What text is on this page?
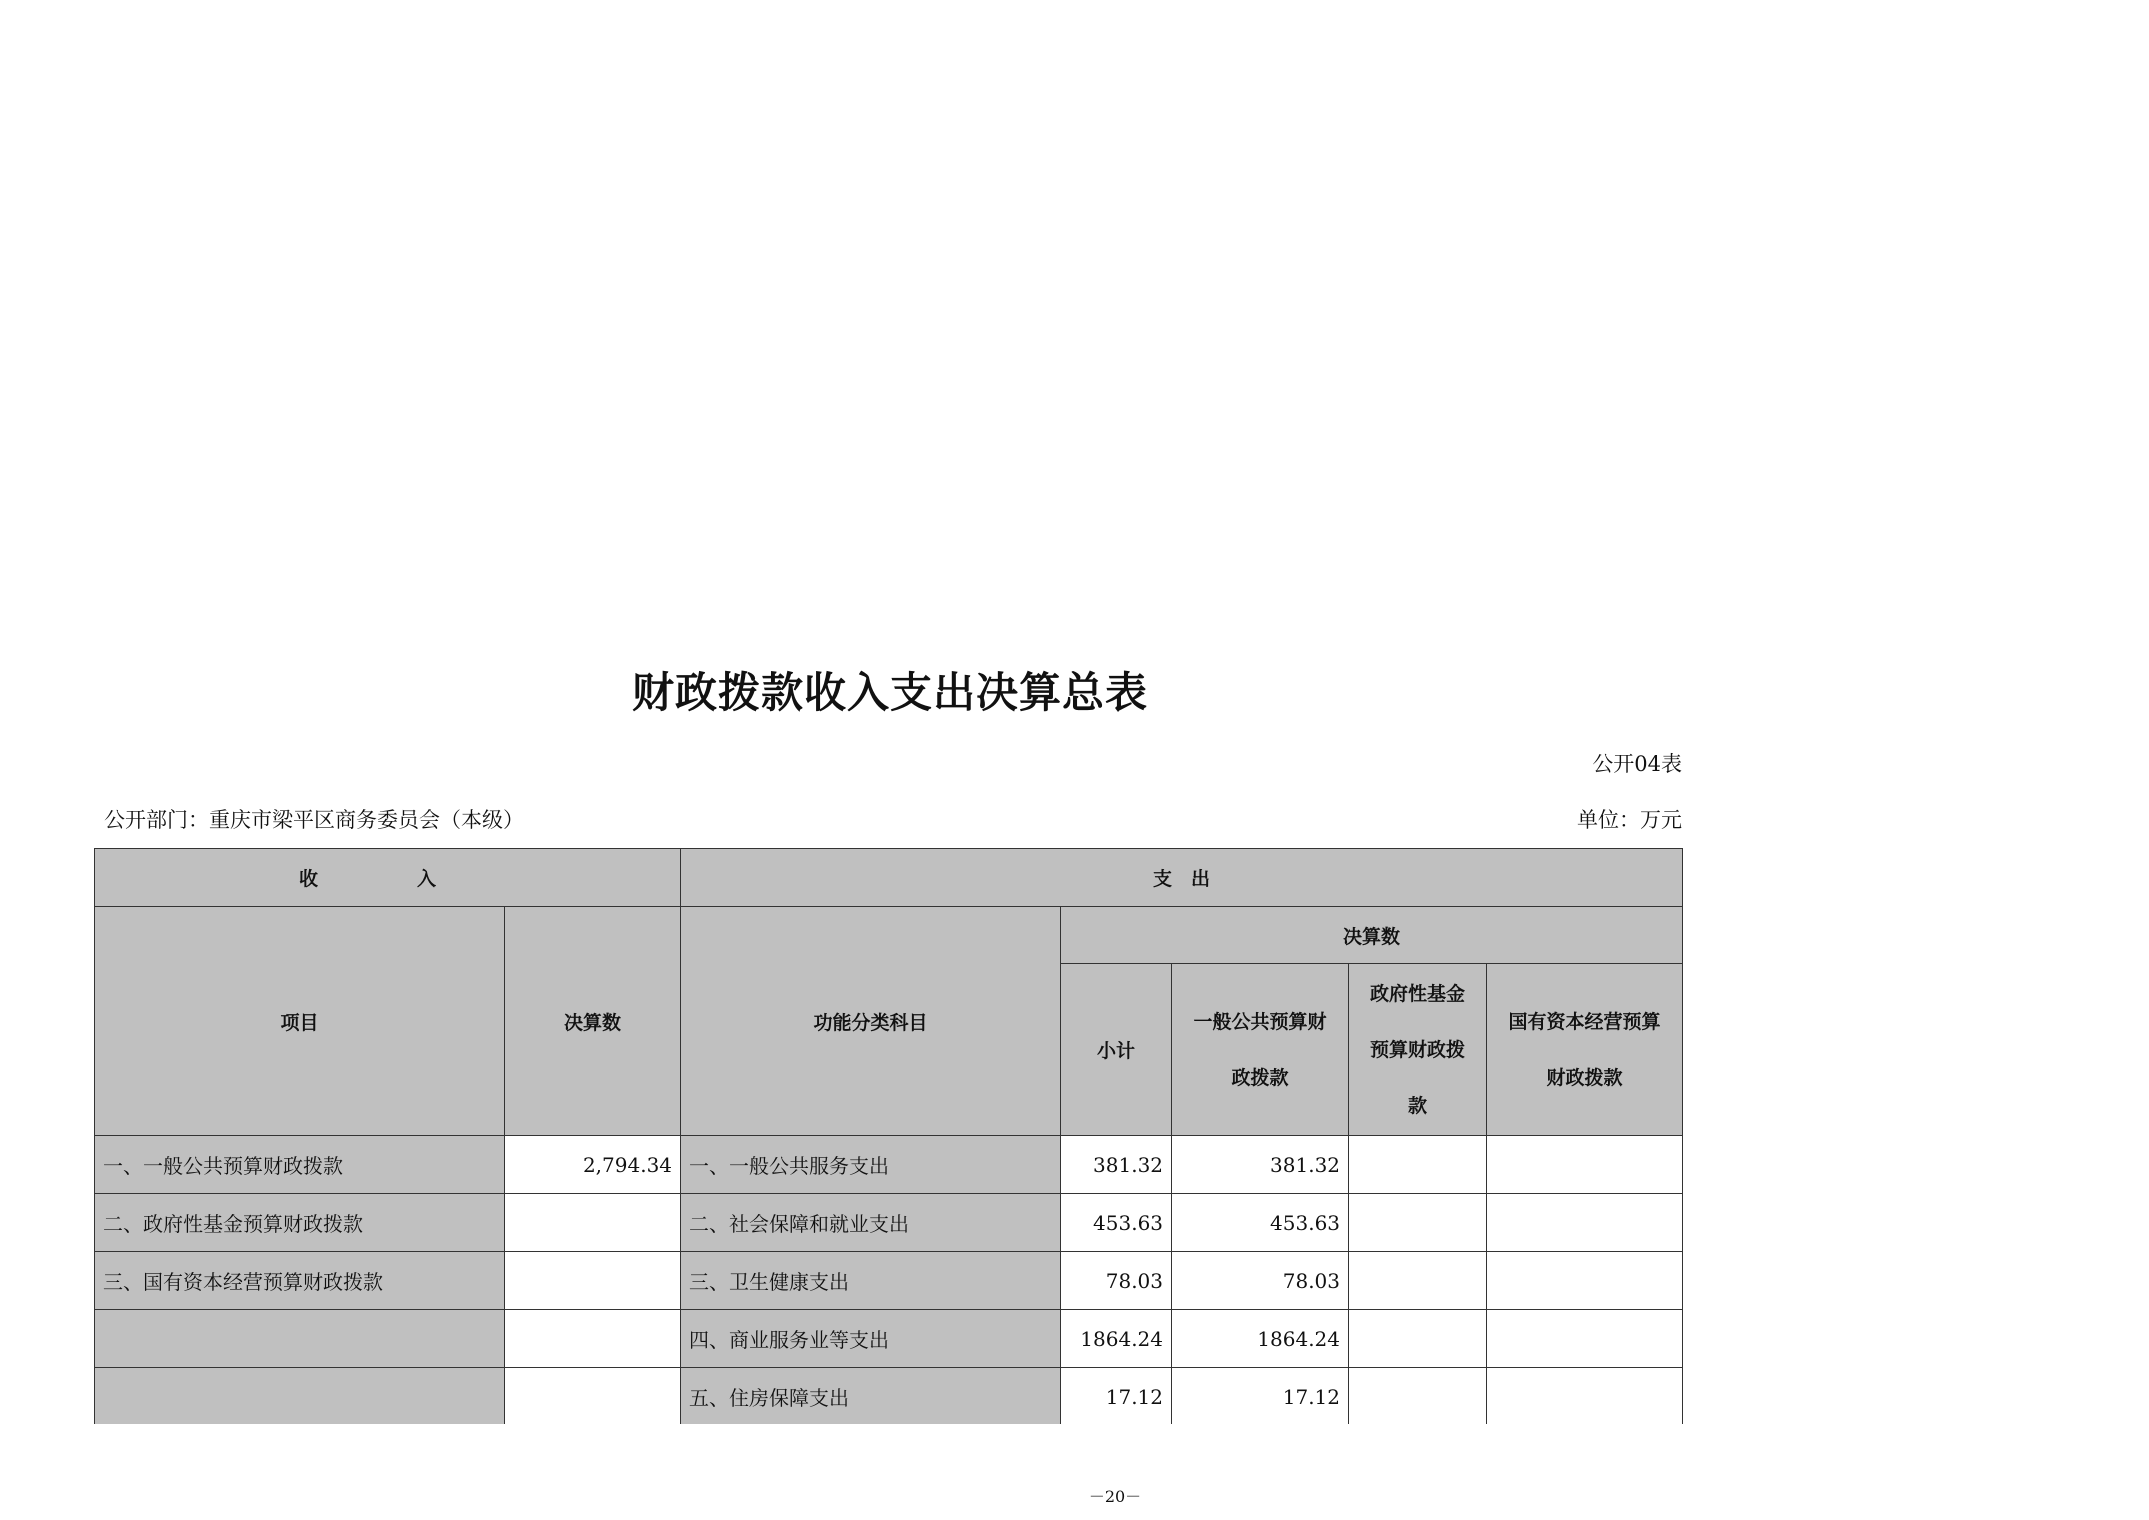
财政拨款收入支出决算总表
公开04表
公开部门：重庆市梁平区商务委员会（本级）	单位：万元
收　入		支　出				
项目	决算数	功能分类科目	决算数			
			小计	一般公共预算财政拨款	政府性基金预算财政拨款	国有资本经营预算财政拨款
一、一般公共预算财政拨款	2,794.34	一、一般公共服务支出	381.32	381.32		
二、政府性基金预算财政拨款		二、社会保障和就业支出	453.63	453.63		
三、国有资本经营预算财政拨款		三、卫生健康支出	78.03	78.03		
		四、商业服务业等支出	1864.24	1864.24		
		五、住房保障支出	17.12	17.12		
－20－
